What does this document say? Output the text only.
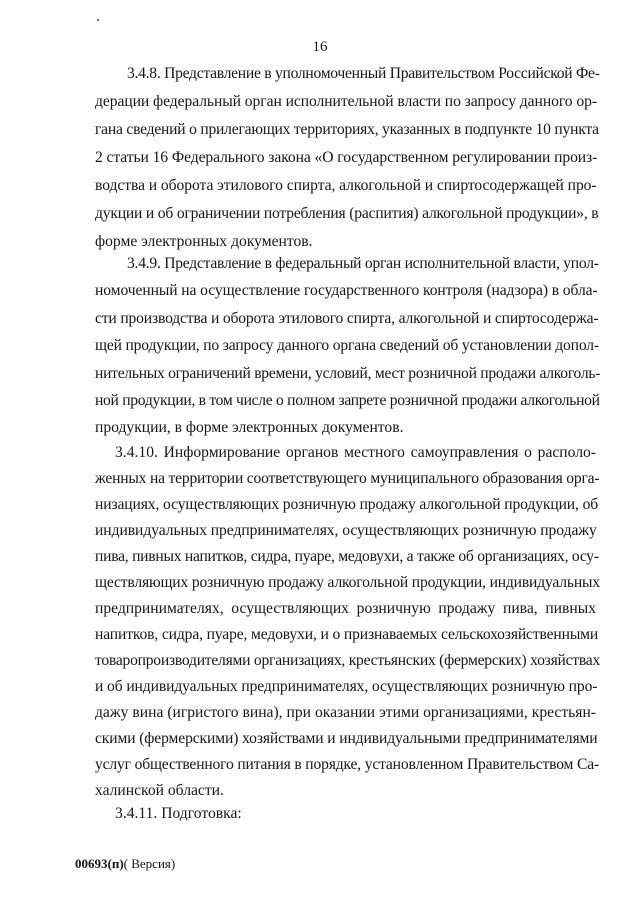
16
3.4.8. Представление в уполномоченный Правительством Российской Фе-
дерации федеральный орган исполнительной власти по запросу данного ор-
гана сведений о прилегающих территориях, указанных в подпункте 10 пункта
2 статьи 16 Федерального закона «О государственном регулировании произ-
водства и оборота этилового спирта, алкогольной и спиртосодержащей про-
дукции и об ограничении потребления (распития) алкогольной продукции», в
форме электронных документов.
3.4.9. Представление в федеральный орган исполнительной власти, упол-
номоченный на осуществление государственного контроля (надзора) в обла-
сти производства и оборота этилового спирта, алкогольной и спиртосодержа-
щей продукции, по запросу данного органа сведений об установлении допол-
нительных ограничений времени, условий, мест розничной продажи алкоголь-
ной продукции, в том числе о полном запрете розничной продажи алкогольной
продукции, в форме электронных документов.
3.4.10. Информирование органов местного самоуправления о располо-
женных на территории соответствующего муниципального образования орга-
низациях, осуществляющих розничную продажу алкогольной продукции, об
индивидуальных предпринимателях, осуществляющих розничную продажу
пива, пивных напитков, сидра, пуаре, медовухи, а также об организациях, осу-
ществляющих розничную продажу алкогольной продукции, индивидуальных
предпринимателях, осуществляющих розничную продажу пива, пивных
напитков, сидра, пуаре, медовухи, и о признаваемых сельскохозяйственными
товаропроизводителями организациях, крестьянских (фермерских) хозяйствах
и об индивидуальных предпринимателях, осуществляющих розничную про-
дажу вина (игристого вина), при оказании этими организациями, крестьян-
скими (фермерскими) хозяйствами и индивидуальными предпринимателями
услуг общественного питания в порядке, установленном Правительством Са-
халинской области.
3.4.11. Подготовка:
00693(п)( Версия)
